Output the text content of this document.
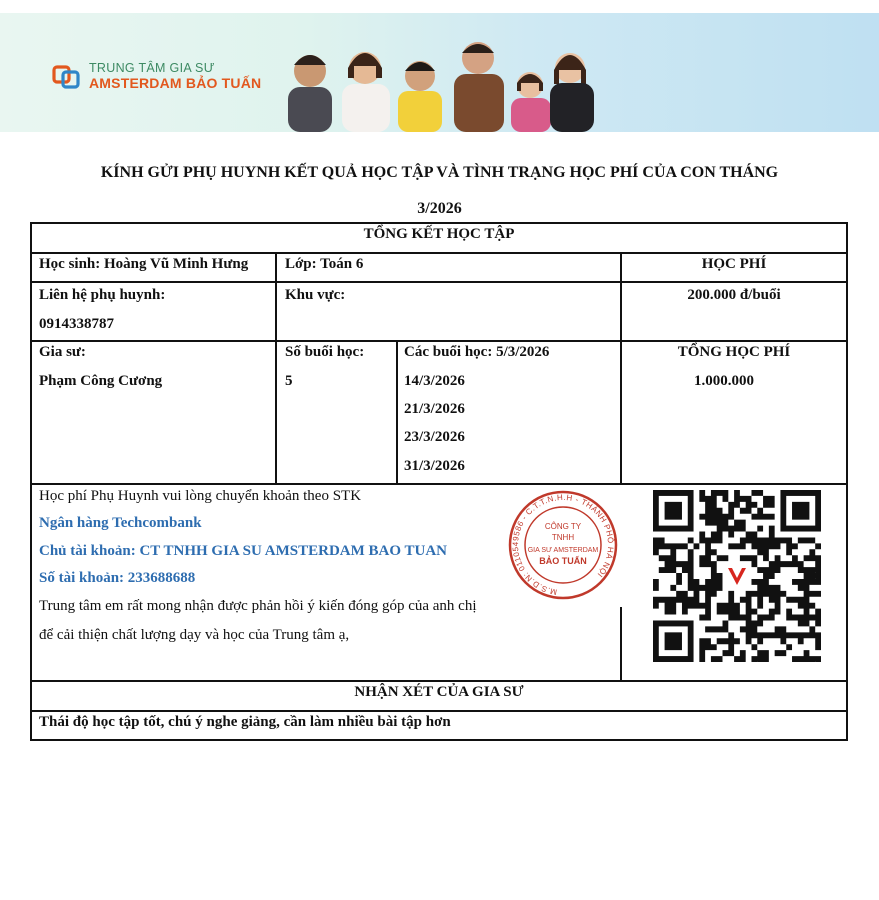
TRUNG TÂM GIA SƯ
AMSTERDAM BẢO TUẤN
KÍNH GỬI PHỤ HUYNH KẾT QUẢ HỌC TẬP VÀ TÌNH TRẠNG HỌC PHÍ CỦA CON THÁNG
3/2026
TỔNG KẾT HỌC TẬP
Học sinh: Hoàng Vũ Minh Hưng Lớp: Toán 6	HỌC PHÍ
Liên hệ phụ huynh:
0914338787
Khu vực:	200.000 đ/buổi
Gia sư:
Phạm Công Cương
Số buổi học:
5
Các buổi học: 5/3/2026
14/3/2026
21/3/2026
23/3/2026
31/3/2026
TỔNG HỌC PHÍ
1.000.000
Học phí Phụ Huynh vui lòng chuyển khoản theo STK
Ngân hàng Techcombank
Chủ tài khoản: CT TNHH GIA SU AMSTERDAM BAO TUAN
Số tài khoản: 233688688
Trung tâm em rất mong nhận được phản hồi ý kiến đóng góp của anh chị
để cải thiện chất lượng dạy và học của Trung tâm ạ,
NHẬN XÉT CỦA GIA SƯ
Thái độ học tập tốt, chú ý nghe giảng, cần làm nhiều bài tập hơn
M.S.D.N: 0110549586 - C.T.T.N.H.H - THÀNH PHỐ HÀ NỘI
CÔNG TY
TNHH
GIA SƯ AMSTERDAM
BẢO TUẤN
